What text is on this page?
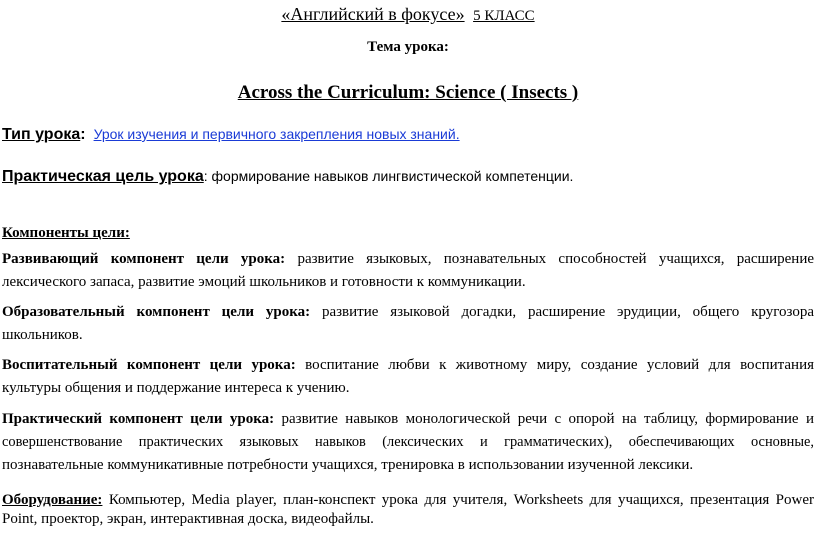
«Английский в фокусе» 5 КЛАСС
Тема урока:
Across the Curriculum: Science ( Insects )
Тип урока: Урок изучения и первичного закрепления новых знаний.
Практическая цель урока: формирование навыков лингвистической компетенции.
Компоненты цели:
Развивающий компонент цели урока: развитие языковых, познавательных способностей учащихся, расширение
лексического запаса, развитие эмоций школьников и готовности к коммуникации.
Образовательный компонент цели урока: развитие языковой догадки, расширение эрудиции, общего кругозора
школьников.
Воспитательный компонент цели урока: воспитание любви к животному миру, создание условий для воспитания
культуры общения и поддержание интереса к учению.
Практический компонент цели урока: развитие навыков монологической речи с опорой на таблицу, формирование и
совершенствование практических языковых навыков (лексических и грамматических), обеспечивающих основные,
познавательные коммуникативные потребности учащихся, тренировка в использовании изученной лексики.
Оборудование: Компьютер, Media player, план-конспект урока для учителя, Worksheets для учащихся, презентация Power
Point, проектор, экран, интерактивная доска, видеофайлы.
